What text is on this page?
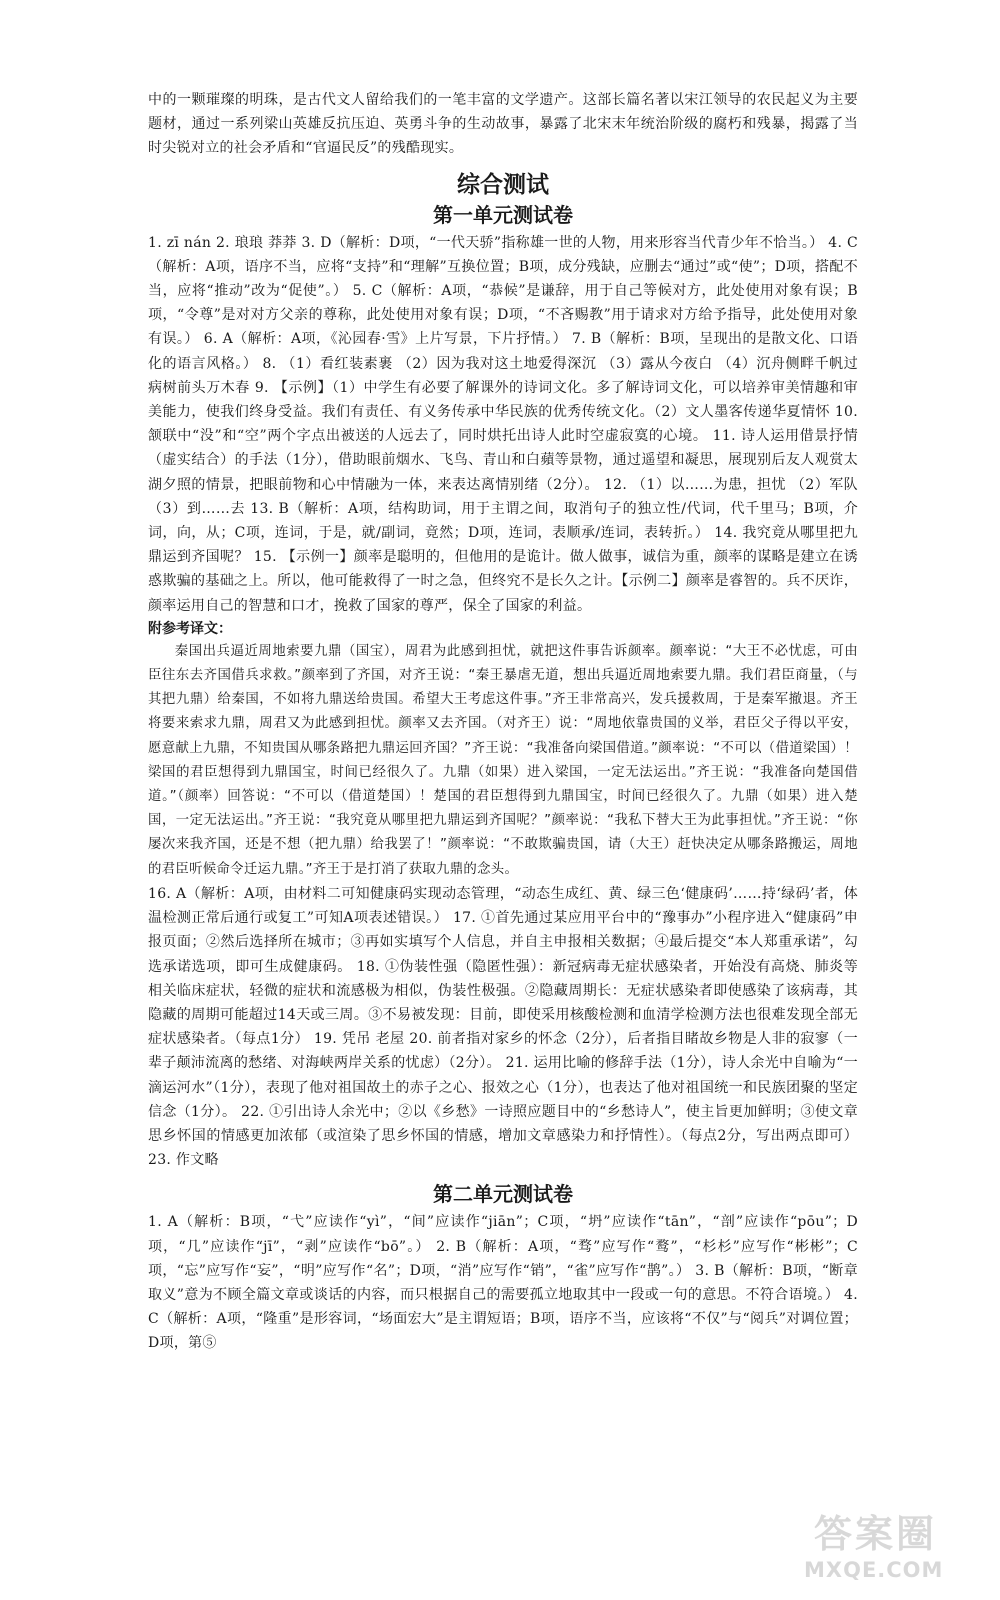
中的一颗璀璨的明珠，是古代文人留给我们的一笔丰富的文学遗产。这部长篇名著以宋江领导的农民起义为主要题材，通过一系列梁山英雄反抗压迫、英勇斗争的生动故事，暴露了北宋末年统治阶级的腐朽和残暴，揭露了当时尖锐对立的社会矛盾和“官逼民反”的残酷现实。

综合测试
第一单元测试卷

1. zī nán 2. 琅琅 莽莽 3. D（解析：D项，“一代天骄”指称雄一世的人物，用来形容当代青少年不恰当。） 4. C（解析：A项，语序不当，应将“支持”和“理解”互换位置；B项，成分残缺，应删去“通过”或“使”；D项，搭配不当，应将“推动”改为“促使”。） 5. C（解析：A项，“恭候”是谦辞，用于自己等候对方，此处使用对象有误；B项，“令尊”是对对方父亲的尊称，此处使用对象有误；D项，“不吝赐教”用于请求对方给予指导，此处使用对象有误。） 6. A（解析：A项，《沁园春·雪》上片写景，下片抒情。） 7. B（解析：B项，呈现出的是散文化、口语化的语言风格。） 8. （1）看红装素裹 （2）因为我对这土地爱得深沉 （3）露从今夜白 （4）沉舟侧畔千帆过 病树前头万木春 9. 【示例】（1）中学生有必要了解课外的诗词文化。多了解诗词文化，可以培养审美情趣和审美能力，使我们终身受益。我们有责任、有义务传承中华民族的优秀传统文化。（2）文人墨客传递华夏情怀 10. 颔联中“没”和“空”两个字点出被送的人远去了，同时烘托出诗人此时空虚寂寞的心境。 11. 诗人运用借景抒情（虚实结合）的手法（1分），借助眼前烟水、飞鸟、青山和白蘋等景物，通过遥望和凝思，展现别后友人观赏太湖夕照的情景，把眼前物和心中情融为一体，来表达离情别绪（2分）。 12. （1）以……为患，担忧 （2）军队 （3）到……去 13. B（解析：A项，结构助词，用于主谓之间，取消句子的独立性/代词，代千里马；B项，介词，向，从；C项，连词，于是，就/副词，竟然；D项，连词，表顺承/连词，表转折。） 14. 我究竟从哪里把九鼎运到齐国呢？ 15. 【示例一】颜率是聪明的，但他用的是诡计。做人做事，诚信为重，颜率的谋略是建立在诱惑欺骗的基础之上。所以，他可能救得了一时之急，但终究不是长久之计。【示例二】颜率是睿智的。兵不厌诈，颜率运用自己的智慧和口才，挽救了国家的尊严，保全了国家的利益。

附参考译文：

秦国出兵逼近周地索要九鼎（国宝），周君为此感到担忧，就把这件事告诉颜率。颜率说：“大王不必忧虑，可由臣往东去齐国借兵求救。”颜率到了齐国，对齐王说：“秦王暴虐无道，想出兵逼近周地索要九鼎。我们君臣商量，（与其把九鼎）给秦国，不如将九鼎送给贵国。希望大王考虑这件事。”齐王非常高兴，发兵援救周，于是秦军撤退。齐王将要来索求九鼎，周君又为此感到担忧。颜率又去齐国。（对齐王）说：“周地依靠贵国的义举，君臣父子得以平安，愿意献上九鼎，不知贵国从哪条路把九鼎运回齐国？”齐王说：“我准备向梁国借道。”颜率说：“不可以（借道梁国）！梁国的君臣想得到九鼎国宝，时间已经很久了。九鼎（如果）进入梁国，一定无法运出。”齐王说：“我准备向楚国借道。”（颜率）回答说：“不可以（借道楚国）！楚国的君臣想得到九鼎国宝，时间已经很久了。九鼎（如果）进入楚国，一定无法运出。”齐王说：“我究竟从哪里把九鼎运到齐国呢？”颜率说：“我私下替大王为此事担忧。”齐王说：“你屡次来我齐国，还是不想（把九鼎）给我罢了！”颜率说：“不敢欺骗贵国，请（大王）赶快决定从哪条路搬运，周地的君臣听候命令迁运九鼎。”齐王于是打消了获取九鼎的念头。

16. A（解析：A项，由材料二可知健康码实现动态管理，“动态生成红、黄、绿三色‘健康码’……持‘绿码’者，体温检测正常后通行或复工”可知A项表述错误。） 17. ①首先通过某应用平台中的“豫事办”小程序进入“健康码”申报页面；②然后选择所在城市；③再如实填写个人信息，并自主申报相关数据；④最后提交“本人郑重承诺”，勾选承诺选项，即可生成健康码。 18. ①伪装性强（隐匿性强）：新冠病毒无症状感染者，开始没有高烧、肺炎等相关临床症状，轻微的症状和流感极为相似，伪装性极强。②隐藏周期长：无症状感染者即使感染了该病毒，其隐藏的周期可能超过14天或三周。③不易被发现：目前，即使采用核酸检测和血清学检测方法也很难发现全部无症状感染者。（每点1分） 19. 凭吊 老屋 20. 前者指对家乡的怀念（2分），后者指目睹故乡物是人非的寂寥（一辈子颠沛流离的愁绪、对海峡两岸关系的忧虑）（2分）。 21. 运用比喻的修辞手法（1分），诗人余光中自喻为“一滴运河水”（1分），表现了他对祖国故土的赤子之心、报效之心（1分），也表达了他对祖国统一和民族团聚的坚定信念（1分）。 22. ①引出诗人余光中；②以《乡愁》一诗照应题目中的“乡愁诗人”，使主旨更加鲜明；③使文章思乡怀国的情感更加浓郁（或渲染了思乡怀国的情感，增加文章感染力和抒情性）。（每点2分，写出两点即可） 23. 作文略

第二单元测试卷

1. A（解析：B项，“弋”应读作“yì”，“间”应读作“jiān”；C项，“坍”应读作“tān”，“剖”应读作“pōu”；D项，“几”应读作“jī”，“剥”应读作“bō”。） 2. B（解析：A项，“骛”应写作“鹜”，“杉杉”应写作“彬彬”；C项，“忘”应写作“妄”，“明”应写作“名”；D项，“消”应写作“销”，“雀”应写作“鹊”。） 3. B（解析：B项，“断章取义”意为不顾全篇文章或谈话的内容，而只根据自己的需要孤立地取其中一段或一句的意思。不符合语境。） 4. C（解析：A项，“隆重”是形容词，“场面宏大”是主谓短语；B项，语序不当，应该将“不仅”与“阅兵”对调位置；D项，第⑤

答案圈
MXQE.COM
